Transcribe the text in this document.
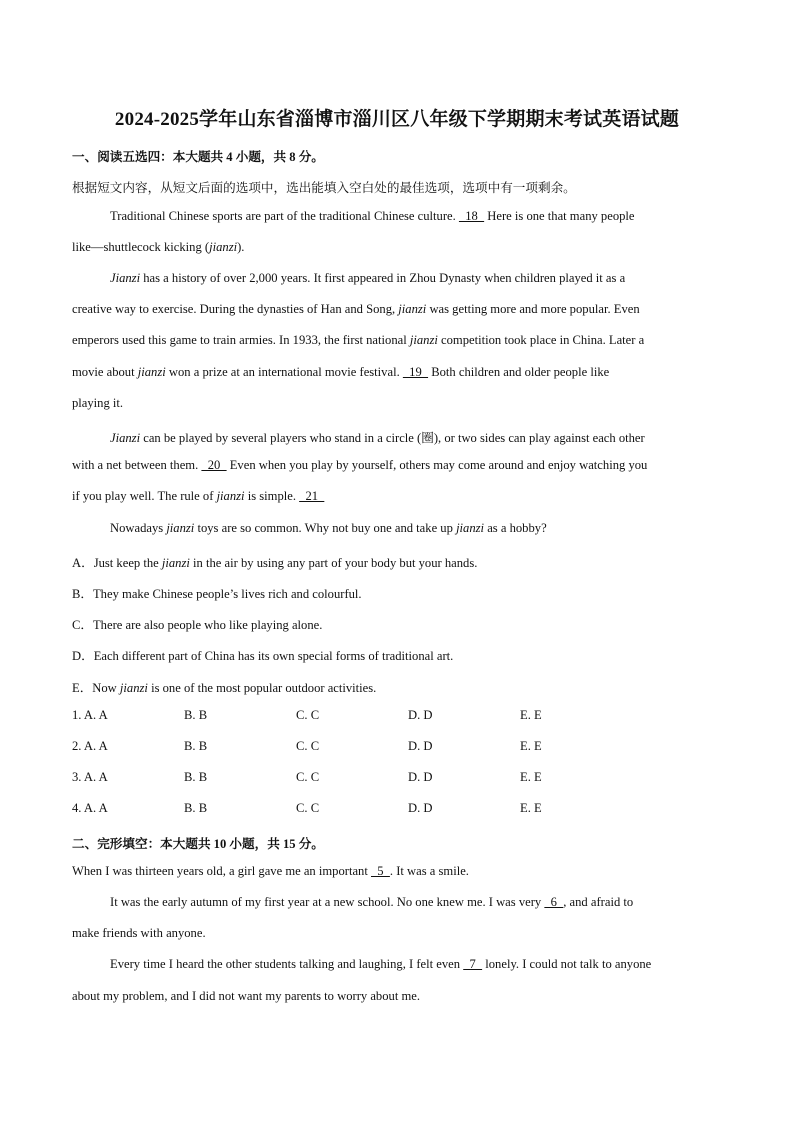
2024-2025学年山东省淄博市淄川区八年级下学期期末考试英语试题
一、阅读五选四：本大题共 4 小题，共 8 分。
根据短文内容，从短文后面的选项中，选出能填入空白处的最佳选项，选项中有一项剩余。
Traditional Chinese sports are part of the traditional Chinese culture.   18   Here is one that many people
like—shuttlecock kicking (jianzi).
Jianzi has a history of over 2,000 years. It first appeared in Zhou Dynasty when children played it as a
creative way to exercise. During the dynasties of Han and Song, jianzi was getting more and more popular. Even
emperors used this game to train armies. In 1933, the first national jianzi competition took place in China. Later a
movie about jianzi won a prize at an international movie festival.   19   Both children and older people like
playing it.
Jianzi can be played by several players who stand in a circle (圈), or two sides can play against each other
with a net between them.   20   Even when you play by yourself, others may come around and enjoy watching you
if you play well. The rule of jianzi is simple.   21
Nowadays jianzi toys are so common. Why not buy one and take up jianzi as a hobby?
A．Just keep the jianzi in the air by using any part of your body but your hands.
B．They make Chinese people’s lives rich and colourful.
C．There are also people who like playing alone.
D．Each different part of China has its own special forms of traditional art.
E．Now jianzi is one of the most popular outdoor activities.
1. A. A	B. B	C. C	D. D	E. E
2. A. A	B. B	C. C	D. D	E. E
3. A. A	B. B	C. C	D. D	E. E
4. A. A	B. B	C. C	D. D	E. E
二、完形填空：本大题共 10 小题，共 15 分。
When I was thirteen years old, a girl gave me an important   5  . It was a smile.
It was the early autumn of my first year at a new school. No one knew me. I was very   6  , and afraid to
make friends with anyone.
Every time I heard the other students talking and laughing, I felt even   7   lonely. I could not talk to anyone
about my problem, and I did not want my parents to worry about me.
